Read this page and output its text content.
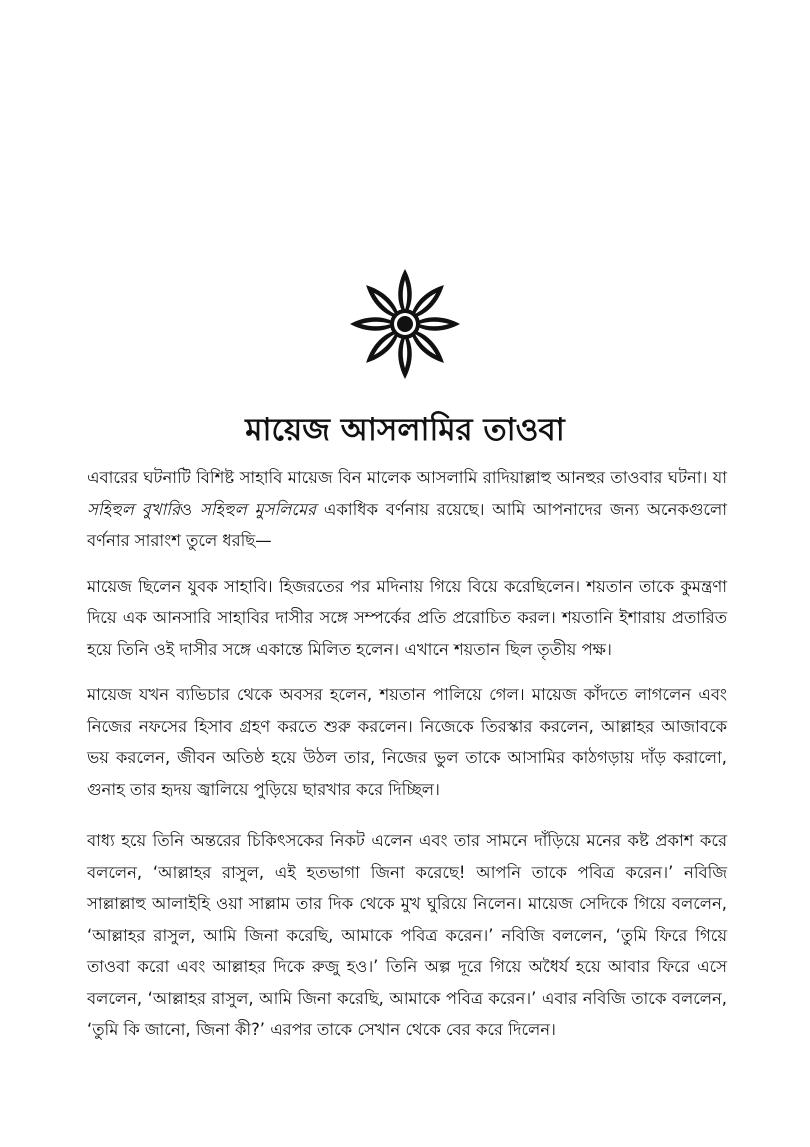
মায়েজ আসলামির তাওবা

এবারের ঘটনাটি বিশিষ্ট সাহাবি মায়েজ বিন মালেক আসলামি রাদিয়াল্লাহু আনহুর তাওবার ঘটনা। যা সহিহুল বুখারিও সহিহুল মুসলিমের একাধিক বর্ণনায় রয়েছে। আমি আপনাদের জন্য অনেকগুলো বর্ণনার সারাংশ তুলে ধরছি—

মায়েজ ছিলেন যুবক সাহাবি। হিজরতের পর মদিনায় গিয়ে বিয়ে করেছিলেন। শয়তান তাকে কুমন্ত্রণা দিয়ে এক আনসারি সাহাবির দাসীর সঙ্গে সম্পর্কের প্রতি প্ররোচিত করল। শয়তানি ইশারায় প্রতারিত হয়ে তিনি ওই দাসীর সঙ্গে একান্তে মিলিত হলেন। এখানে শয়তান ছিল তৃতীয় পক্ষ।

মায়েজ যখন ব্যভিচার থেকে অবসর হলেন, শয়তান পালিয়ে গেল। মায়েজ কাঁদতে লাগলেন এবং নিজের নফসের হিসাব গ্রহণ করতে শুরু করলেন। নিজেকে তিরস্কার করলেন, আল্লাহর আজাবকে ভয় করলেন, জীবন অতিষ্ঠ হয়ে উঠল তার, নিজের ভুল তাকে আসামির কাঠগড়ায় দাঁড় করালো, গুনাহ তার হৃদয় জ্বালিয়ে পুড়িয়ে ছারখার করে দিচ্ছিল।

বাধ্য হয়ে তিনি অন্তরের চিকিৎসকের নিকট এলেন এবং তার সামনে দাঁড়িয়ে মনের কষ্ট প্রকাশ করে বললেন, ‘আল্লাহর রাসুল, এই হতভাগা জিনা করেছে! আপনি তাকে পবিত্র করেন।’ নবিজি সাল্লাল্লাহু আলাইহি ওয়া সাল্লাম তার দিক থেকে মুখ ঘুরিয়ে নিলেন। মায়েজ সেদিকে গিয়ে বললেন, ‘আল্লাহর রাসুল, আমি জিনা করেছি, আমাকে পবিত্র করেন।’ নবিজি বললেন, ‘তুমি ফিরে গিয়ে তাওবা করো এবং আল্লাহর দিকে রুজু হও।’ তিনি অল্প দূরে গিয়ে অধৈর্য হয়ে আবার ফিরে এসে বললেন, ‘আল্লাহর রাসুল, আমি জিনা করেছি, আমাকে পবিত্র করেন।’ এবার নবিজি তাকে বললেন, ‘তুমি কি জানো, জিনা কী?’ এরপর তাকে সেখান থেকে বের করে দিলেন।
